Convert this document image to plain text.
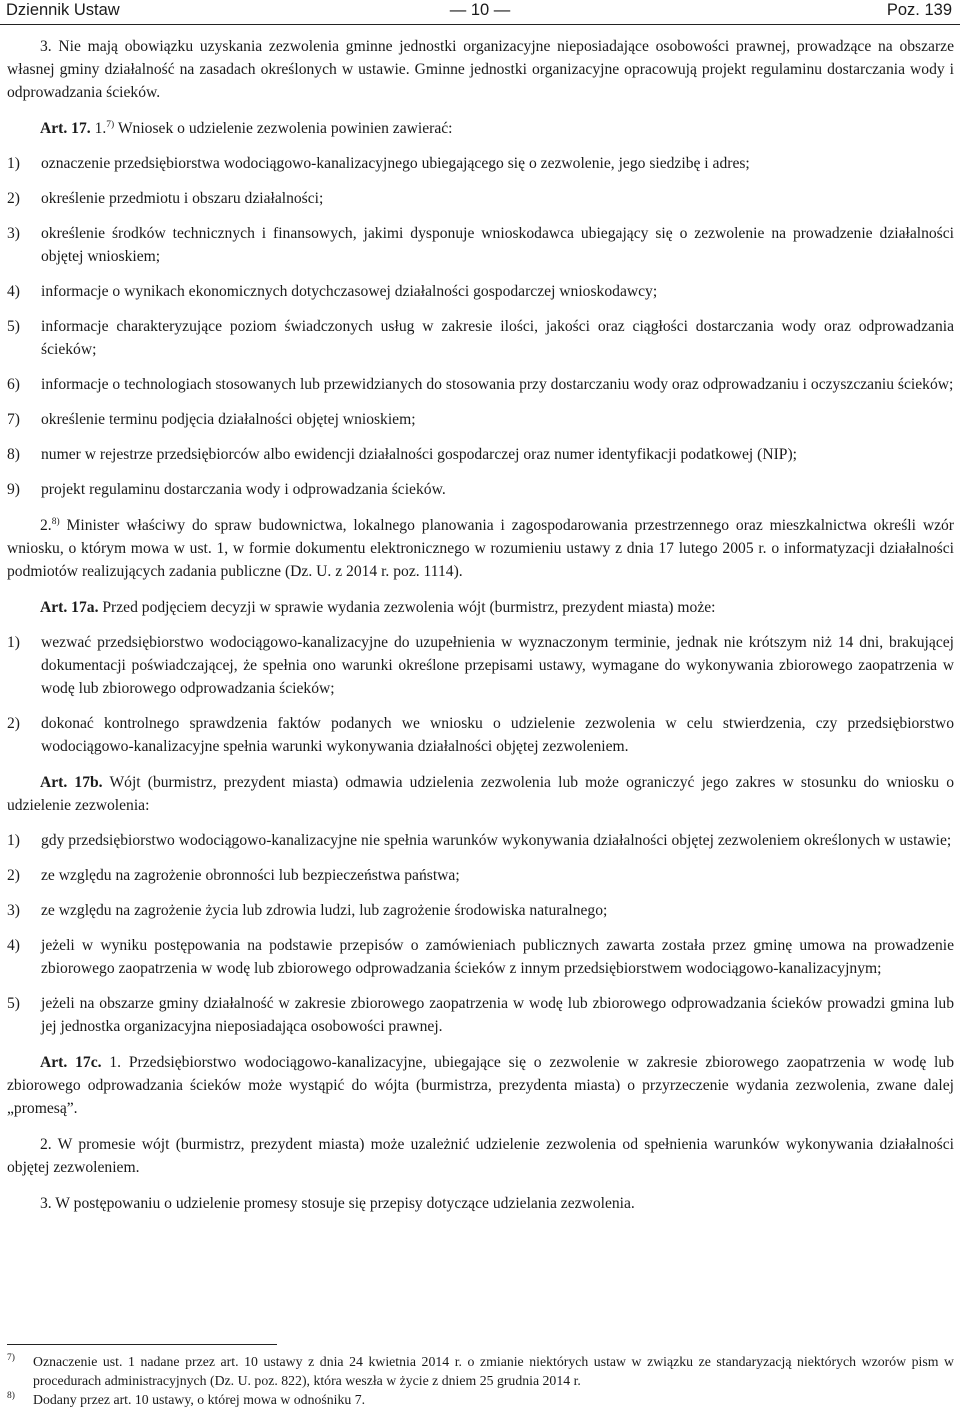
Dziennik Ustaw	— 10 —	Poz. 139

3. Nie mają obowiązku uzyskania zezwolenia gminne jednostki organizacyjne nieposiadające osobowości prawnej, prowadzące na obszarze własnej gminy działalność na zasadach określonych w ustawie. Gminne jednostki organizacyjne opracowują projekt regulaminu dostarczania wody i odprowadzania ścieków.

Art. 17. 1.$^{7)}$ Wniosek o udzielenie zezwolenia powinien zawierać:

1)	oznaczenie przedsiębiorstwa wodociągowo-kanalizacyjnego ubiegającego się o zezwolenie, jego siedzibę i adres;
2)	określenie przedmiotu i obszaru działalności;
3)	określenie środków technicznych i finansowych, jakimi dysponuje wnioskodawca ubiegający się o zezwolenie na prowadzenie działalności objętej wnioskiem;
4)	informacje o wynikach ekonomicznych dotychczasowej działalności gospodarczej wnioskodawcy;
5)	informacje charakteryzujące poziom świadczonych usług w zakresie ilości, jakości oraz ciągłości dostarczania wody oraz odprowadzania ścieków;
6)	informacje o technologiach stosowanych lub przewidzianych do stosowania przy dostarczaniu wody oraz odprowadzaniu i oczyszczaniu ścieków;
7)	określenie terminu podjęcia działalności objętej wnioskiem;
8)	numer w rejestrze przedsiębiorców albo ewidencji działalności gospodarczej oraz numer identyfikacji podatkowej (NIP);
9)	projekt regulaminu dostarczania wody i odprowadzania ścieków.

2.$^{8)}$ Minister właściwy do spraw budownictwa, lokalnego planowania i zagospodarowania przestrzennego oraz mieszkalnictwa określi wzór wniosku, o którym mowa w ust. 1, w formie dokumentu elektronicznego w rozumieniu ustawy z dnia 17 lutego 2005 r. o informatyzacji działalności podmiotów realizujących zadania publiczne (Dz. U. z 2014 r. poz. 1114).

Art. 17a. Przed podjęciem decyzji w sprawie wydania zezwolenia wójt (burmistrz, prezydent miasta) może:

1)	wezwać przedsiębiorstwo wodociągowo-kanalizacyjne do uzupełnienia w wyznaczonym terminie, jednak nie krótszym niż 14 dni, brakującej dokumentacji poświadczającej, że spełnia ono warunki określone przepisami ustawy, wymagane do wykonywania zbiorowego zaopatrzenia w wodę lub zbiorowego odprowadzania ścieków;
2)	dokonać kontrolnego sprawdzenia faktów podanych we wniosku o udzielenie zezwolenia w celu stwierdzenia, czy przedsiębiorstwo wodociągowo-kanalizacyjne spełnia warunki wykonywania działalności objętej zezwoleniem.

Art. 17b. Wójt (burmistrz, prezydent miasta) odmawia udzielenia zezwolenia lub może ograniczyć jego zakres w stosunku do wniosku o udzielenie zezwolenia:

1)	gdy przedsiębiorstwo wodociągowo-kanalizacyjne nie spełnia warunków wykonywania działalności objętej zezwoleniem określonych w ustawie;
2)	ze względu na zagrożenie obronności lub bezpieczeństwa państwa;
3)	ze względu na zagrożenie życia lub zdrowia ludzi, lub zagrożenie środowiska naturalnego;
4)	jeżeli w wyniku postępowania na podstawie przepisów o zamówieniach publicznych zawarta została przez gminę umowa na prowadzenie zbiorowego zaopatrzenia w wodę lub zbiorowego odprowadzania ścieków z innym przedsiębiorstwem wodociągowo-kanalizacyjnym;
5)	jeżeli na obszarze gminy działalność w zakresie zbiorowego zaopatrzenia w wodę lub zbiorowego odprowadzania ścieków prowadzi gmina lub jej jednostka organizacyjna nieposiadająca osobowości prawnej.

Art. 17c. 1. Przedsiębiorstwo wodociągowo-kanalizacyjne, ubiegające się o zezwolenie w zakresie zbiorowego zaopatrzenia w wodę lub zbiorowego odprowadzania ścieków może wystąpić do wójta (burmistrza, prezydenta miasta) o przyrzeczenie wydania zezwolenia, zwane dalej „promesą”.

2. W promesie wójt (burmistrz, prezydent miasta) może uzależnić udzielenie zezwolenia od spełnienia warunków wykonywania działalności objętej zezwoleniem.

3. W postępowaniu o udzielenie promesy stosuje się przepisy dotyczące udzielania zezwolenia.

7)	Oznaczenie ust. 1 nadane przez art. 10 ustawy z dnia 24 kwietnia 2014 r. o zmianie niektórych ustaw w związku ze standaryzacją niektórych wzorów pism w procedurach administracyjnych (Dz. U. poz. 822), która weszła w życie z dniem 25 grudnia 2014 r.
8)	Dodany przez art. 10 ustawy, o której mowa w odnośniku 7.
